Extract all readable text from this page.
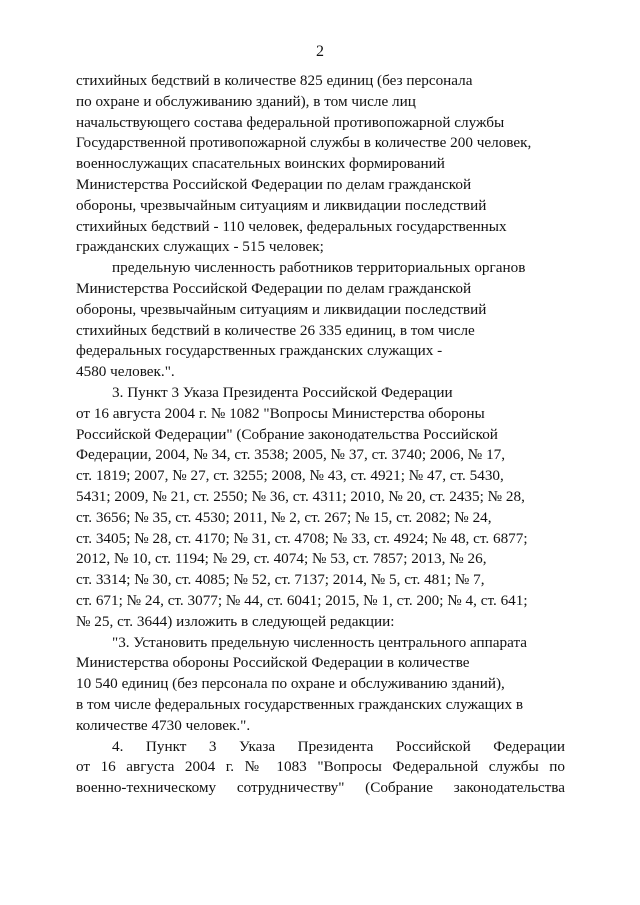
2

стихийных бедствий в количестве 825 единиц (без персонала
по охране и обслуживанию зданий), в том числе лиц
начальствующего состава федеральной противопожарной службы
Государственной противопожарной службы в количестве 200 человек,
военнослужащих спасательных воинских формирований
Министерства Российской Федерации по делам гражданской
обороны, чрезвычайным ситуациям и ликвидации последствий
стихийных бедствий - 110 человек, федеральных государственных
гражданских служащих - 515 человек;

предельную численность работников территориальных органов
Министерства Российской Федерации по делам гражданской
обороны, чрезвычайным ситуациям и ликвидации последствий
стихийных бедствий в количестве 26 335 единиц, в том числе
федеральных государственных гражданских служащих -
4580 человек.".

3. Пункт 3 Указа Президента Российской Федерации
от 16 августа 2004 г. № 1082 "Вопросы Министерства обороны
Российской Федерации" (Собрание законодательства Российской
Федерации, 2004, № 34, ст. 3538; 2005, № 37, ст. 3740; 2006, № 17,
ст. 1819; 2007, № 27, ст. 3255; 2008, № 43, ст. 4921; № 47, ст. 5430,
5431; 2009, № 21, ст. 2550; № 36, ст. 4311; 2010, № 20, ст. 2435; № 28,
ст. 3656; № 35, ст. 4530; 2011, № 2, ст. 267; № 15, ст. 2082; № 24,
ст. 3405; № 28, ст. 4170; № 31, ст. 4708; № 33, ст. 4924; № 48, ст. 6877;
2012, № 10, ст. 1194; № 29, ст. 4074; № 53, ст. 7857; 2013, № 26,
ст. 3314; № 30, ст. 4085; № 52, ст. 7137; 2014, № 5, ст. 481; № 7,
ст. 671; № 24, ст. 3077; № 44, ст. 6041; 2015, № 1, ст. 200; № 4, ст. 641;
№ 25, ст. 3644) изложить в следующей редакции:

"3. Установить предельную численность центрального аппарата
Министерства обороны Российской Федерации в количестве
10 540 единиц (без персонала по охране и обслуживанию зданий),
в том числе федеральных государственных гражданских служащих в
количестве 4730 человек.".

4. Пункт 3 Указа Президента Российской Федерации
от 16 августа 2004 г. № 1083 "Вопросы Федеральной службы по
военно-техническому сотрудничеству" (Собрание законодательства
